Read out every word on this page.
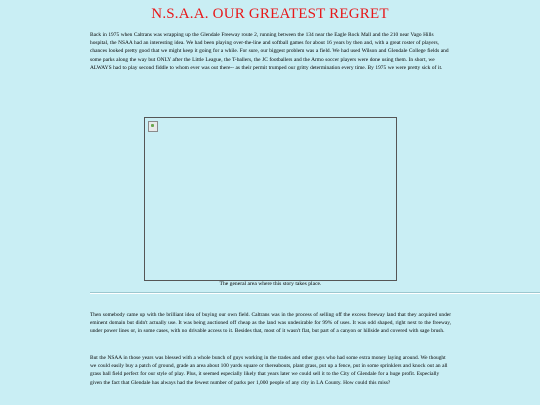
N.S.A.A. OUR GREATEST REGRET

Back in 1975 when Caltrans was wrapping up the Glendale Freeway route 2, running between the 134 near the Eagle Rock Mall and the 210 near Vago Hills hospital, the NSAA had an interesting idea. We had been playing over-the-line and softball games for about 16 years by then and, with a great roster of players, chances looked pretty good that we might keep it going for a while. For sure, our biggest problem was a field. We had used Wilson and Glendale College fields and some parks along the way but ONLY after the Little League, the T-ballers, the JC footballers and the Armo soccer players were done using them. In short, we ALWAYS had to play second fiddle to whom ever was out there-- as their permit trumped our gritty determination every time. By 1975 we were pretty sick of it.

The general area where this story takes place.

Then somebody came up with the brilliant idea of buying our own field. Caltrans was in the process of selling off the excess freeway land that they acquired under eminent domain but didn't actually use. It was being auctioned off cheap as the land was undesirable for 99% of uses. It was odd shaped, right next to the freeway, under power lines or, in some cases, with no drivable access to it. Besides that, most of it wasn't flat, but part of a canyon or hillside and covered with sage brush.

But the NSAA in those years was blessed with a whole bunch of guys working in the trades and other guys who had some extra money laying around. We thought we could easily buy a patch of ground, grade an area about 100 yards square or thereabouts, plant grass, put up a fence, put in some sprinklers and knock out an all grass ball field perfect for our style of play. Plus, it seemed especially likely that years later we could sell it to the City of Glendale for a huge profit. Especially given the fact that Glendale has always had the fewest number of parks per 1,000 people of any city in LA County. How could this miss?
